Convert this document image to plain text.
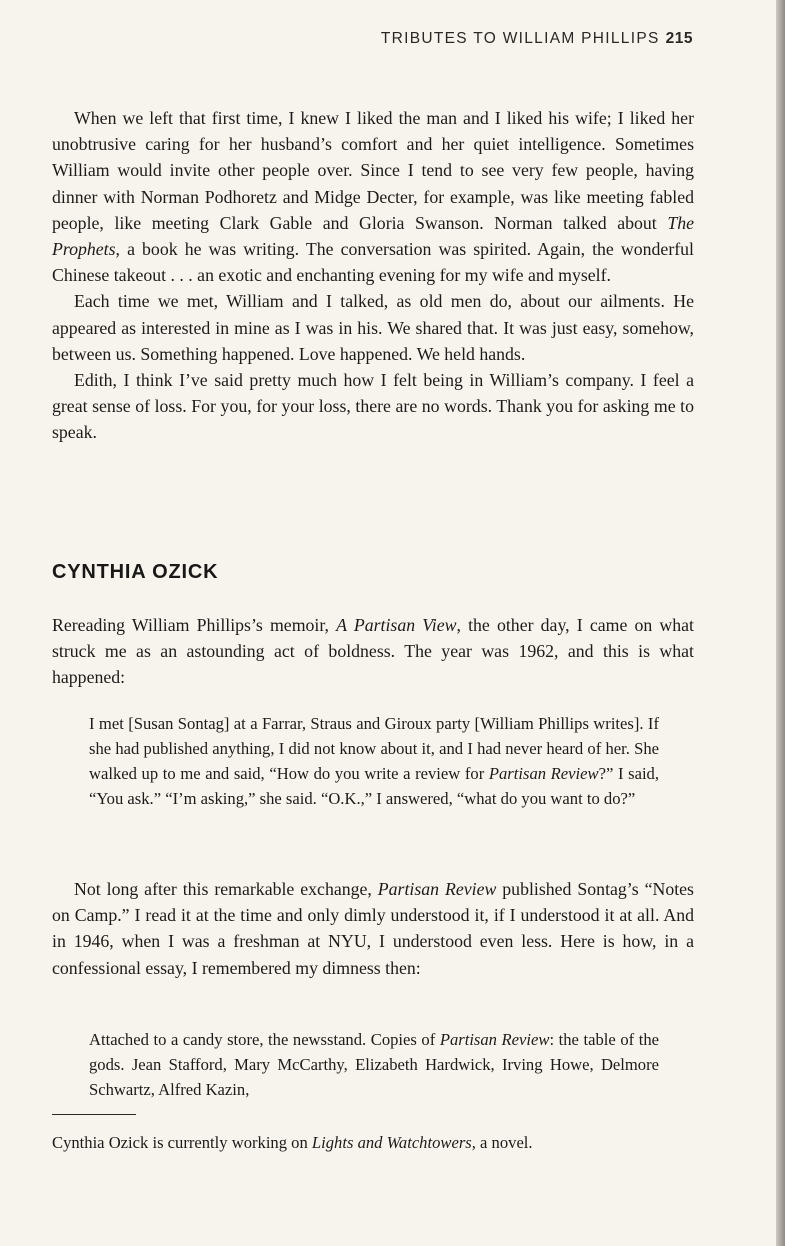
TRIBUTES TO WILLIAM PHILLIPS 215

When we left that first time, I knew I liked the man and I liked his wife; I liked her unobtrusive caring for her husband’s comfort and her quiet intelligence. Sometimes William would invite other people over. Since I tend to see very few people, having dinner with Norman Podhoretz and Midge Decter, for example, was like meeting fabled people, like meeting Clark Gable and Gloria Swanson. Norman talked about The Prophets, a book he was writing. The conversation was spirited. Again, the wonderful Chinese takeout . . . an exotic and enchanting evening for my wife and myself.

Each time we met, William and I talked, as old men do, about our ailments. He appeared as interested in mine as I was in his. We shared that. It was just easy, somehow, between us. Something happened. Love happened. We held hands.

Edith, I think I’ve said pretty much how I felt being in William’s company. I feel a great sense of loss. For you, for your loss, there are no words. Thank you for asking me to speak.

CYNTHIA OZICK

Rereading William Phillips’s memoir, A Partisan View, the other day, I came on what struck me as an astounding act of boldness. The year was 1962, and this is what happened:

I met [Susan Sontag] at a Farrar, Straus and Giroux party [William Phillips writes]. If she had published anything, I did not know about it, and I had never heard of her. She walked up to me and said, “How do you write a review for Partisan Review?” I said, “You ask.” “I’m asking,” she said. “O.K.,” I answered, “what do you want to do?”

Not long after this remarkable exchange, Partisan Review published Sontag’s “Notes on Camp.” I read it at the time and only dimly understood it, if I understood it at all. And in 1946, when I was a freshman at NYU, I understood even less. Here is how, in a confessional essay, I remembered my dimness then:

Attached to a candy store, the newsstand. Copies of Partisan Review: the table of the gods. Jean Stafford, Mary McCarthy, Elizabeth Hardwick, Irving Howe, Delmore Schwartz, Alfred Kazin,

Cynthia Ozick is currently working on Lights and Watchtowers, a novel.
